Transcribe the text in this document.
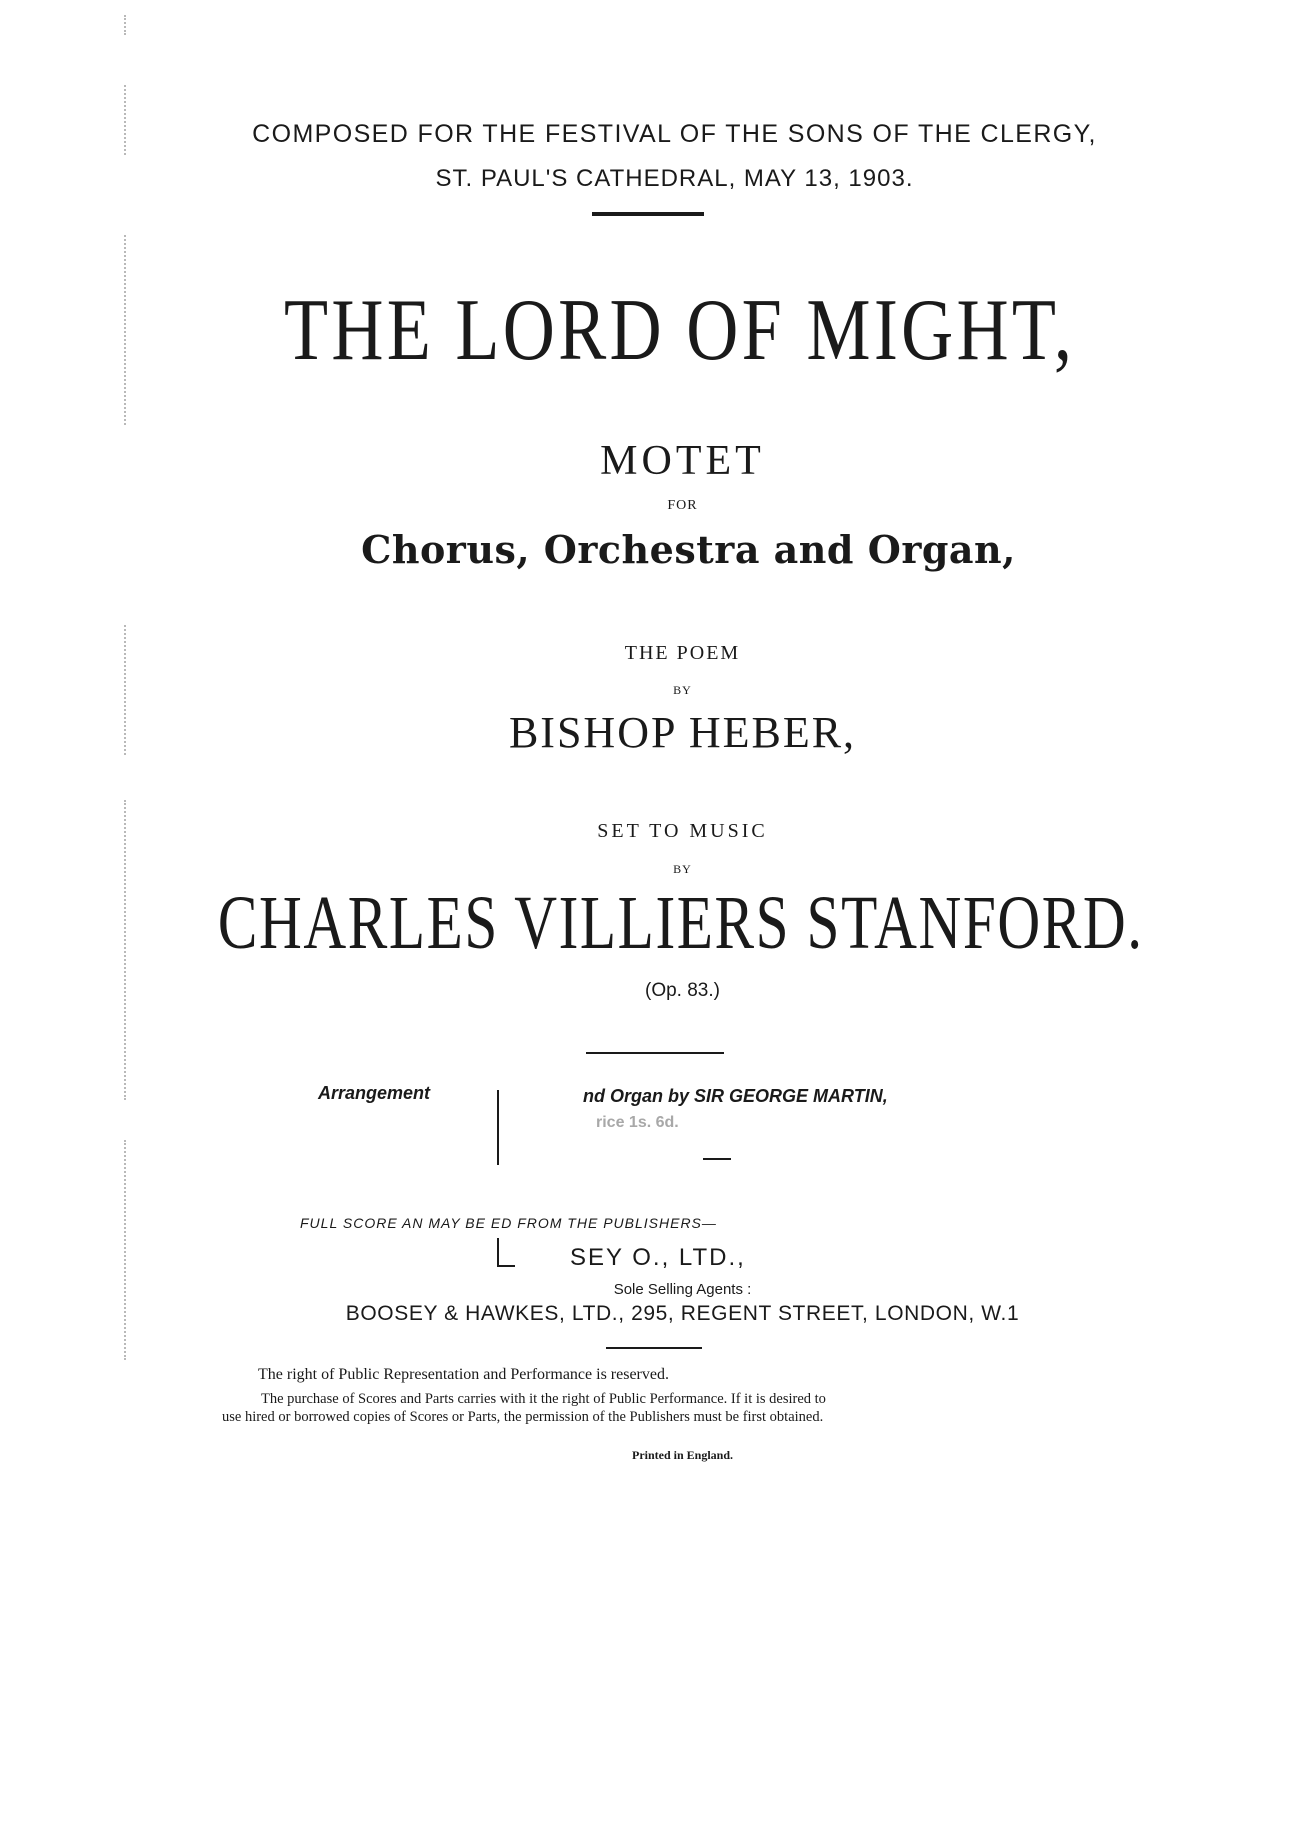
COMPOSED FOR THE FESTIVAL OF THE SONS OF THE CLERGY,
ST. PAUL'S CATHEDRAL, MAY 13, 1903.
THE LORD OF MIGHT,
MOTET
FOR
Chorus, Orchestra and Organ,
THE POEM
BY
BISHOP HEBER,
SET TO MUSIC
BY
CHARLES VILLIERS STANFORD.
(Op. 83.)
Arrangement	nd Organ by SIR GEORGE MARTIN,
rice 1s. 6d.
FULL SCORE AN MAY BE ED FROM THE PUBLISHERS—
SEY O., LTD.,
Sole Selling Agents :
BOOSEY & HAWKES, LTD., 295, REGENT STREET, LONDON, W.1
The right of Public Representation and Performance is reserved.
The purchase of Scores and Parts carries with it the right of Public Performance. If it is desired to
use hired or borrowed copies of Scores or Parts, the permission of the Publishers must be first obtained.
Printed in England.
